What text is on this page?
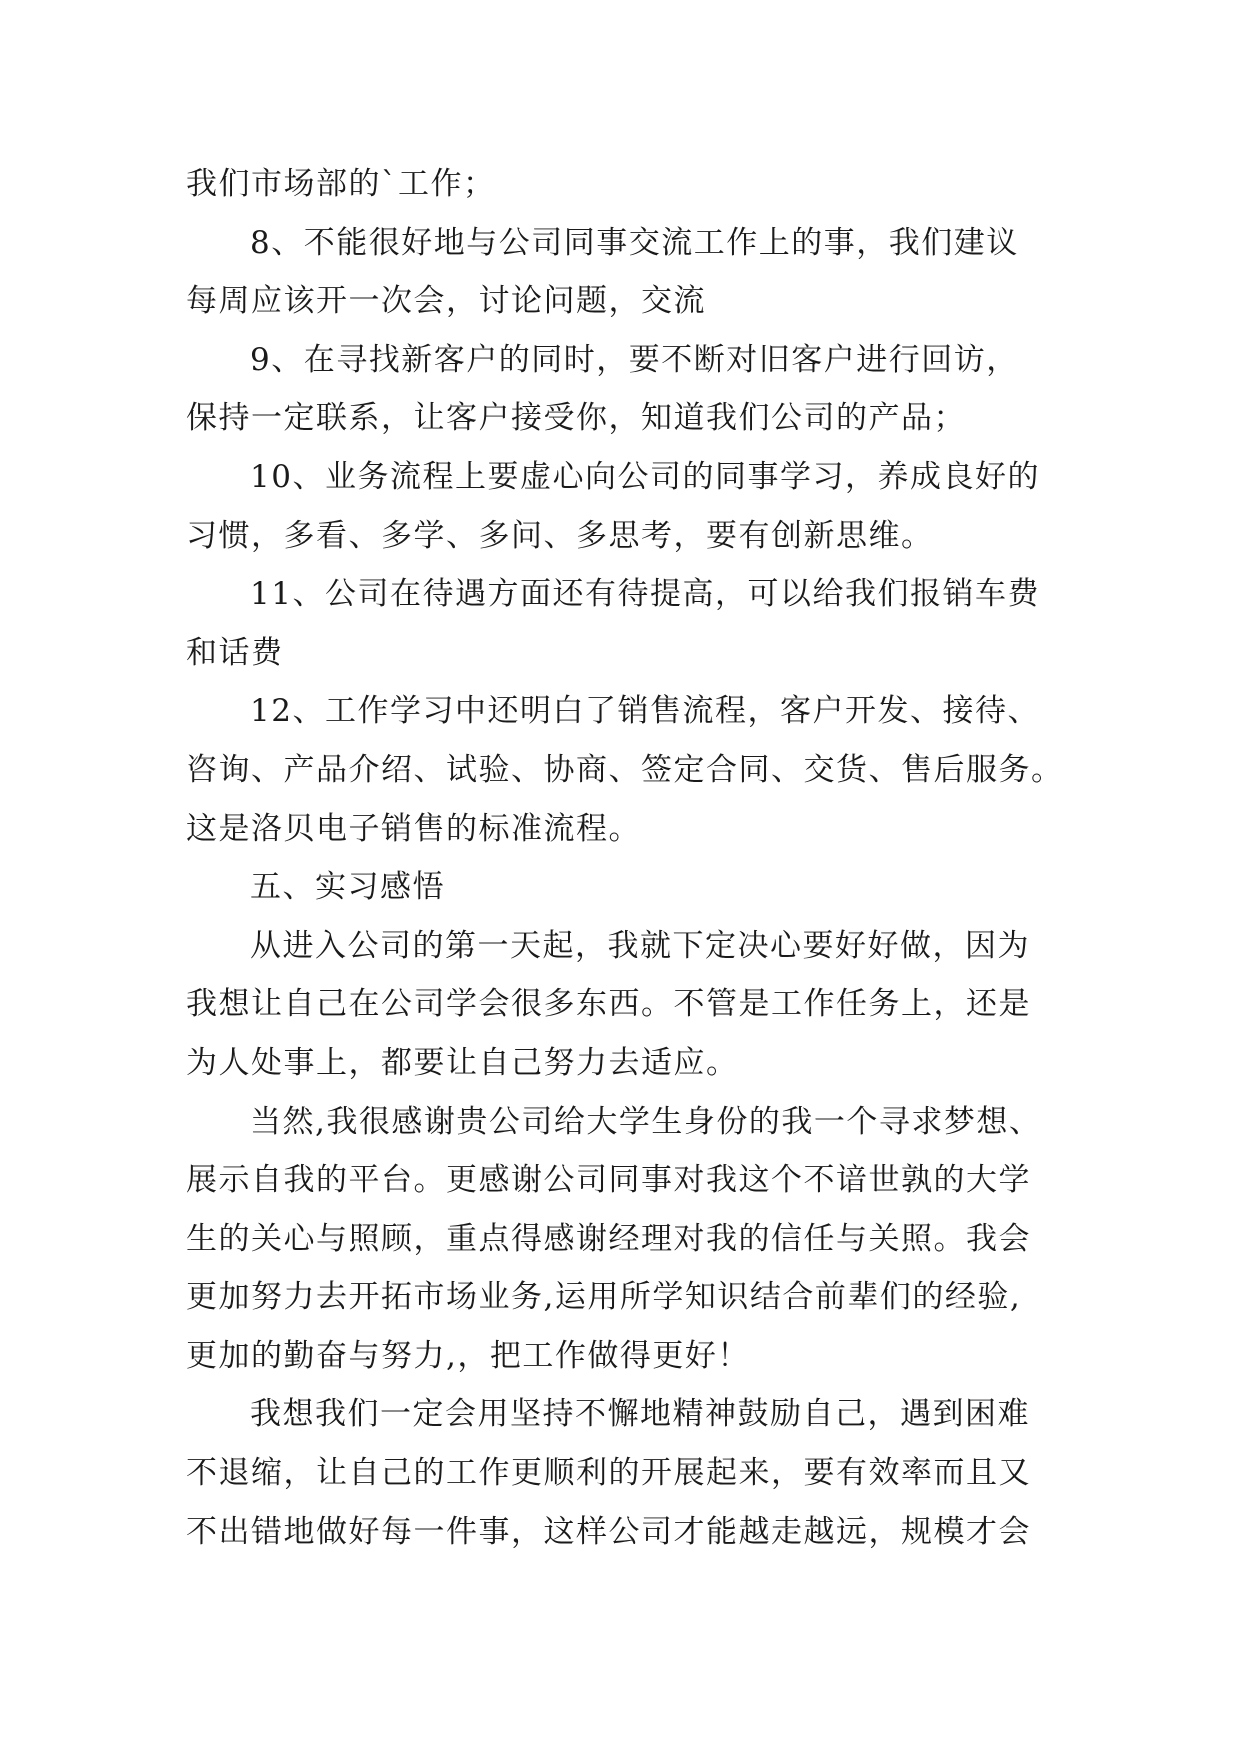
我们市场部的`工作；
8、不能很好地与公司同事交流工作上的事，我们建议
每周应该开一次会，讨论问题，交流
9、在寻找新客户的同时，要不断对旧客户进行回访，
保持一定联系，让客户接受你，知道我们公司的产品；
10、业务流程上要虚心向公司的同事学习，养成良好的
习惯，多看、多学、多问、多思考，要有创新思维。
11、公司在待遇方面还有待提高，可以给我们报销车费
和话费
12、工作学习中还明白了销售流程，客户开发、接待、
咨询、产品介绍、试验、协商、签定合同、交货、售后服务。
这是洛贝电子销售的标准流程。
五、实习感悟
从进入公司的第一天起，我就下定决心要好好做，因为
我想让自己在公司学会很多东西。不管是工作任务上，还是
为人处事上，都要让自己努力去适应。
当然,我很感谢贵公司给大学生身份的我一个寻求梦想、
展示自我的平台。更感谢公司同事对我这个不谙世孰的大学
生的关心与照顾，重点得感谢经理对我的信任与关照。我会
更加努力去开拓市场业务,运用所学知识结合前辈们的经验,
更加的勤奋与努力,，把工作做得更好！
我想我们一定会用坚持不懈地精神鼓励自己，遇到困难
不退缩，让自己的工作更顺利的开展起来，要有效率而且又
不出错地做好每一件事，这样公司才能越走越远，规模才会
